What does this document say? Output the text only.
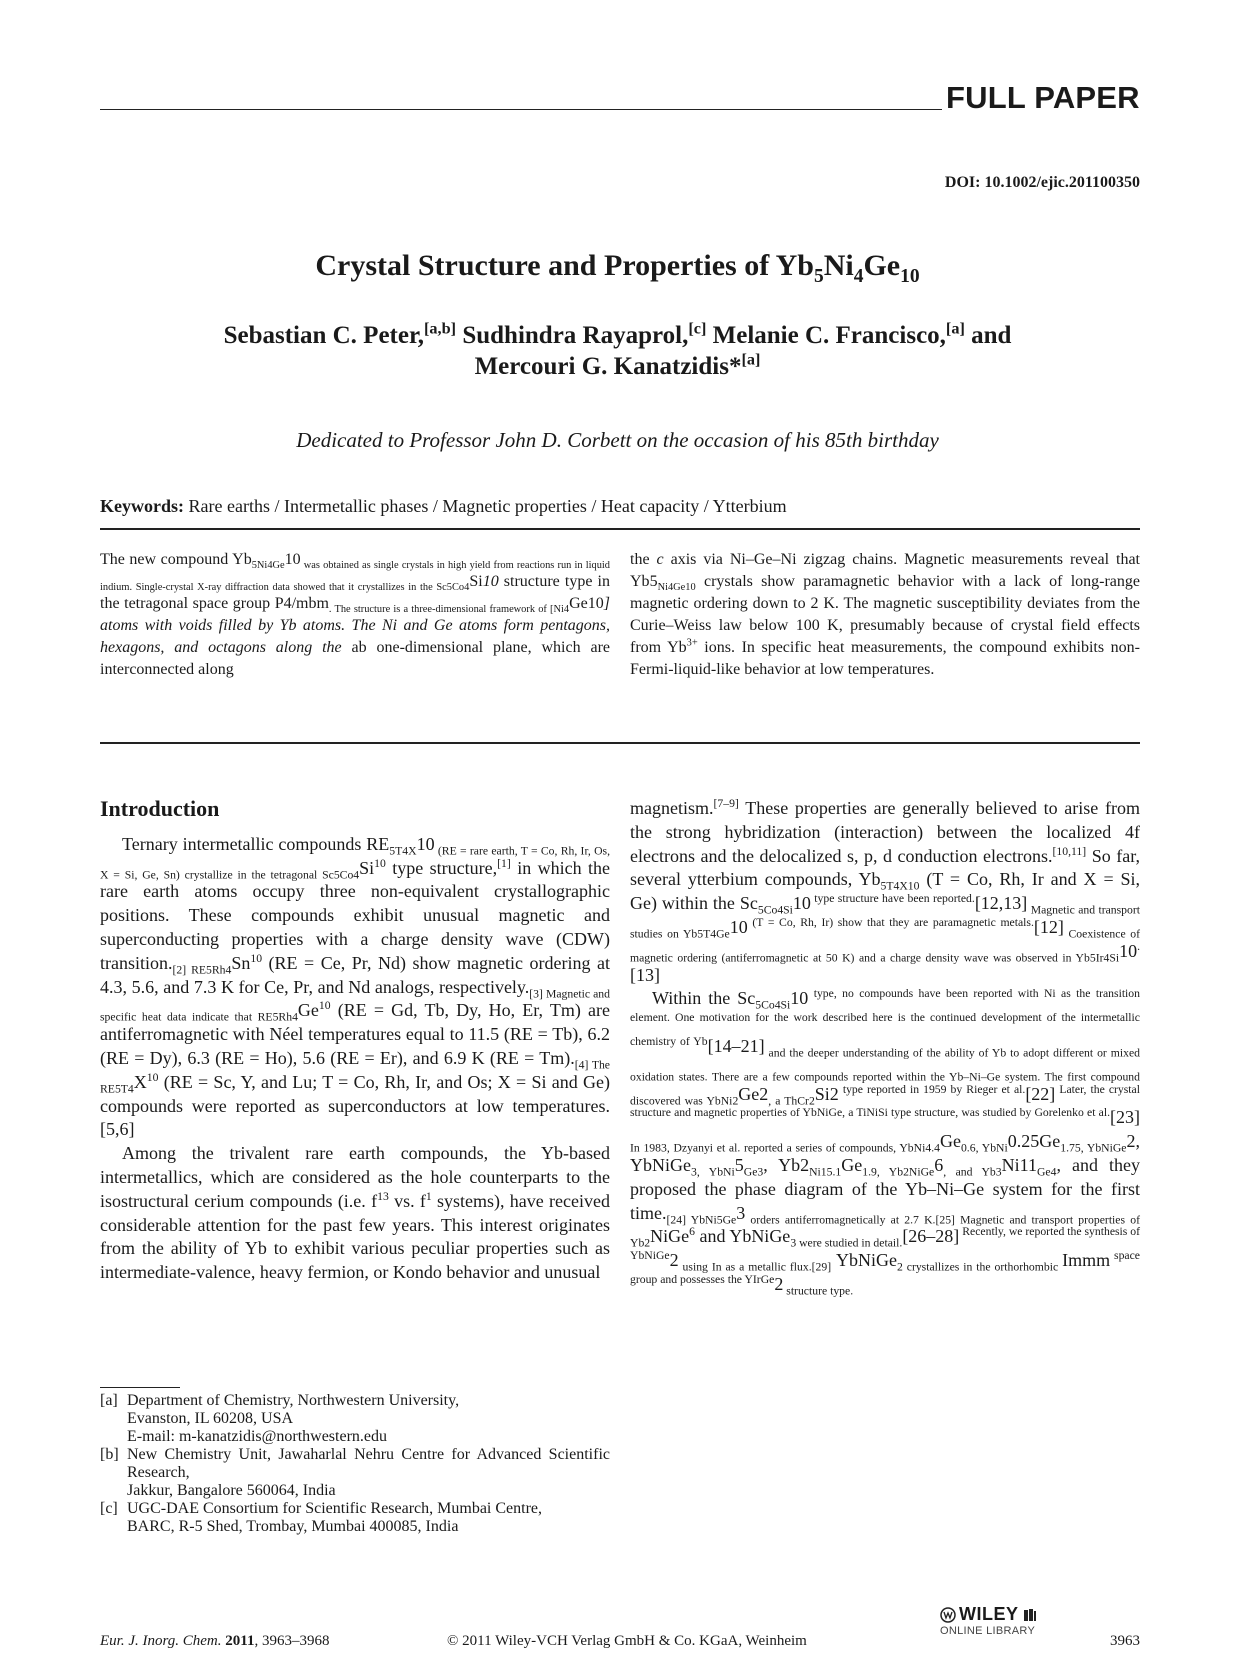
FULL PAPER
DOI: 10.1002/ejic.201100350
Crystal Structure and Properties of $Yb_5Ni_4Ge_{10}$
Sebastian C. Peter,[a,b] Sudhindra Rayaprol,[c] Melanie C. Francisco,[a] and
Mercouri G. Kanatzidis*[a]
Dedicated to Professor John D. Corbett on the occasion of his 85th birthday
Keywords: Rare earths / Intermetallic phases / Magnetic properties / Heat capacity / Ytterbium
The new compound $Yb_{5Ni4Ge}10$ $_{was obtained as single crystals in high yield from reactions run in liquid indium. Single-crystal X-ray diffraction data showed that it crystallizes in the Sc5Co4}$Si10 structure type in the tetragonal space group P4/mbm$_{. The structure is a three-dimensional framework of [Ni4}$Ge10] atoms with voids filled by Yb atoms. The Ni and Ge atoms form pentagons, hexagons, and octagons along the ab one-dimensional plane, which are interconnected along
the c axis via Ni–Ge–Ni zigzag chains. Magnetic measurements reveal that $Yb5_{Ni4Ge10}$ crystals show paramagnetic behavior with a lack of long-range magnetic ordering down to 2 K. The magnetic susceptibility deviates from the Curie–Weiss law below 100 K, presumably because of crystal field effects from $Yb^{3+}$ ions. In specific heat measurements, the compound exhibits non-Fermi-liquid-like behavior at low temperatures.
Introduction

Ternary intermetallic compounds $RE_{5T4X}10$ $_{(RE = rare earth, T = Co, Rh, Ir, Os, X = Si, Ge, Sn) crystallize in the tetragonal Sc5Co4}Si^{10}$ type structure,[1] in which the rare earth atoms occupy three non-equivalent crystallographic positions. These compounds exhibit unusual magnetic and superconducting properties with a charge density wave (CDW) $transition._{[2]}$ $_{RE5Rh4}Sn^{10}$ (RE = Ce, Pr, Nd) show magnetic ordering at 4.3, 5.6, and 7.3 K for Ce, Pr, and Nd analogs, $respectively._{[3]}$ $_{Magnetic and specific heat data indicate that RE5Rh4}Ge^{10}$ (RE = Gd, Tb, Dy, Ho, Er, Tm) are antiferromagnetic with Néel temperatures equal to 11.5 (RE = Tb), 6.2 (RE = Dy), 6.3 (RE = Ho), 5.6 (RE = Er), and 6.9 K $(RE = Tm)._{[4]}$ $_{The RE5T4}X^{10}$ (RE = Sc, Y, and Lu; T = Co, Rh, Ir, and Os; X = Si and Ge) compounds were reported as superconductors at low temperatures.[5,6]

Among the trivalent rare earth compounds, the Yb-based intermetallics, which are considered as the hole counterparts to the isostructural cerium compounds (i.e. $f^{13}$ vs. $f^1$ systems), have received considerable attention for the past few years. This interest originates from the ability of Yb to exhibit various peculiar properties such as intermediate-valence, heavy fermion, or Kondo behavior and unusual

magnetism.[7–9] These properties are generally believed to arise from the strong hybridization (interaction) between the localized 4f electrons and the delocalized s, p, d conduction electrons.[10,11] So far, several ytterbium compounds, $Yb_{5T4X10}$ (T = Co, Rh, Ir and X = Si, Ge) within the $Sc_{5Co4Si}10$ $^{type structure have been reported.}$[12,13] $_{Magnetic and transport studies on Yb5T4Ge}$10 $^{(T = Co, Rh, Ir) show that they are paramagnetic metals.}$[12] $_{Coexistence of magnetic ordering (antiferromagnetic at 50 K) and a charge density wave was observed in Yb5Ir4Si}$10.[13]

Within the $Sc_{5Co4Si}10$ $^{type, no compounds have been reported with Ni as the transition element. One motivation for the work described here is the continued development of the intermetallic chemistry of Yb}$[14–21] $_{and the deeper understanding of the ability of Yb to adopt different or mixed oxidation states. There are a few compounds reported within the Yb-Ni-Ge system. The first compound discovered was YbNi2}Ge2_{, a ThCr2}Si2$ $^{type reported in 1959 by Rieger et al.}$[22] $^{Later, the crystal structure and magnetic properties of YbNiGe, a TiNiSi type structure, was studied by Gorelenko et al.}$[23] $_{In 1983, Dzyanyi et al. reported a series of compounds, YbNi4.4}Ge_{0.6, YbNi}0.25Ge_{1.75, YbNiGe}2$, $YbNiGe_{3, YbNi}5_{Ge3}$, $Yb2_{Ni15.1}Ge_{1.9, Yb2NiGe}6_{, and Yb3}Ni11_{Ge4}$, and they proposed the phase diagram of the Yb–Ni–Ge system for the first $time._{[24]}$ $_{YbNi5Ge}$3 $_{orders antiferromagnetically at 2.7 K.[25]}$ $_{Magnetic and transport properties of Yb2}$NiGe$^6$ and YbNiGe$_3$ $_{were studied in detail.}$[26–28] $^{Recently, we reported the synthesis of YbNiGe}$2 $_{using In as a metallic flux.[29]}$ YbNiGe$_2$ $_{crystallizes in the orthorhombic}$ Immm $^{space group and possesses the YIrGe}$2 $_{structure type.}$

[a] Department of Chemistry, Northwestern University,
Evanston, IL 60208, USA
E-mail: m-kanatzidis@northwestern.edu
[b] New Chemistry Unit, Jawaharlal Nehru Centre for Advanced Scientific Research,
Jakkur, Bangalore 560064, India
[c] UGC-DAE Consortium for Scientific Research, Mumbai Centre,
BARC, R-5 Shed, Trombay, Mumbai 400085, India
Eur. J. Inorg. Chem. 2011, 3963–3968	© 2011 Wiley-VCH Verlag GmbH & Co. KGaA, Weinheim
WILEY
ONLINE LIBRARY
3963
